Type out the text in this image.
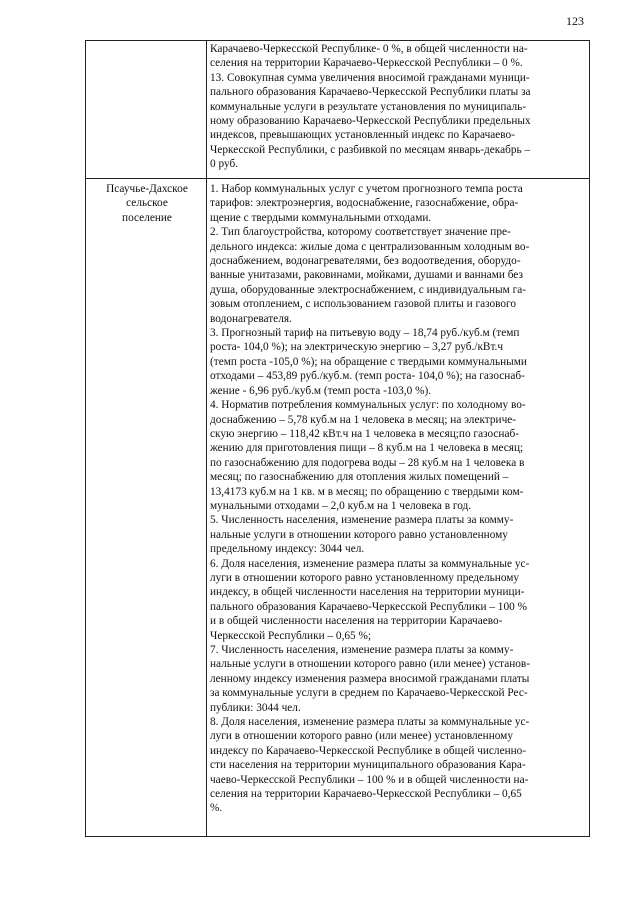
123
Карачаево-Черкесской Республике- 0 %, в общей численности на-
селения на территории Карачаево-Черкесской Республики – 0 %.
13. Совокупная сумма увеличения вносимой гражданами муници-
пального образования Карачаево-Черкесской Республики платы за
коммунальные услуги в результате установления по муниципаль-
ному образованию Карачаево-Черкесской Республики предельных
индексов, превышающих установленный индекс по Карачаево-
Черкесской Республики, с разбивкой по месяцам январь-декабрь –
0 руб.
Псаучье-Дахское
сельское
поселение
1. Набор коммунальных услуг с учетом прогнозного темпа роста
тарифов: электроэнергия, водоснабжение, газоснабжение, обра-
щение с твердыми коммунальными отходами.
2. Тип благоустройства, которому соответствует значение пре-
дельного индекса: жилые дома с централизованным холодным во-
доснабжением, водонагревателями, без водоотведения, оборудо-
ванные унитазами, раковинами, мойками, душами и ваннами без
душа, оборудованные электроснабжением, с индивидуальным га-
зовым отоплением, с использованием газовой плиты и газового
водонагревателя.
3. Прогнозный тариф на питьевую воду – 18,74 руб./куб.м (темп
роста- 104,0 %); на электрическую энергию – 3,27 руб./кВт.ч
(темп роста -105,0 %); на обращение с твердыми коммунальными
отходами – 453,89 руб./куб.м. (темп роста- 104,0 %); на газоснаб-
жение - 6,96 руб./куб.м (темп роста -103,0 %).
4. Норматив потребления коммунальных услуг: по холодному во-
доснабжению – 5,78 куб.м на 1 человека в месяц; на электриче-
скую энергию – 118,42 кВт.ч на 1 человека в месяц;по газоснаб-
жению для приготовления пищи – 8 куб.м на 1 человека в месяц;
по газоснабжению для подогрева воды – 28 куб.м на 1 человека в
месяц; по газоснабжению для отопления жилых помещений –
13,4173 куб.м на 1 кв. м в месяц; по обращению с твердыми ком-
мунальными отходами – 2,0 куб.м на 1 человека в год.
5. Численность населения, изменение размера платы за комму-
нальные услуги в отношении которого равно установленному
предельному индексу: 3044 чел.
6. Доля населения, изменение размера платы за коммунальные ус-
луги в отношении которого равно установленному предельному
индексу, в общей численности населения на территории муници-
пального образования Карачаево-Черкесской Республики – 100 %
и в общей численности населения на территории Карачаево-
Черкесской Республики – 0,65 %;
7. Численность населения, изменение размера платы за комму-
нальные услуги в отношении которого равно (или менее) установ-
ленному индексу изменения размера вносимой гражданами платы
за коммунальные услуги в среднем по Карачаево-Черкесской Рес-
публики: 3044 чел.
8. Доля населения, изменение размера платы за коммунальные ус-
луги в отношении которого равно (или менее) установленному
индексу по Карачаево-Черкесской Республике в общей численно-
сти населения на территории муниципального образования Кара-
чаево-Черкесской Республики – 100 % и в общей численности на-
селения на территории Карачаево-Черкесской Республики – 0,65
%.
